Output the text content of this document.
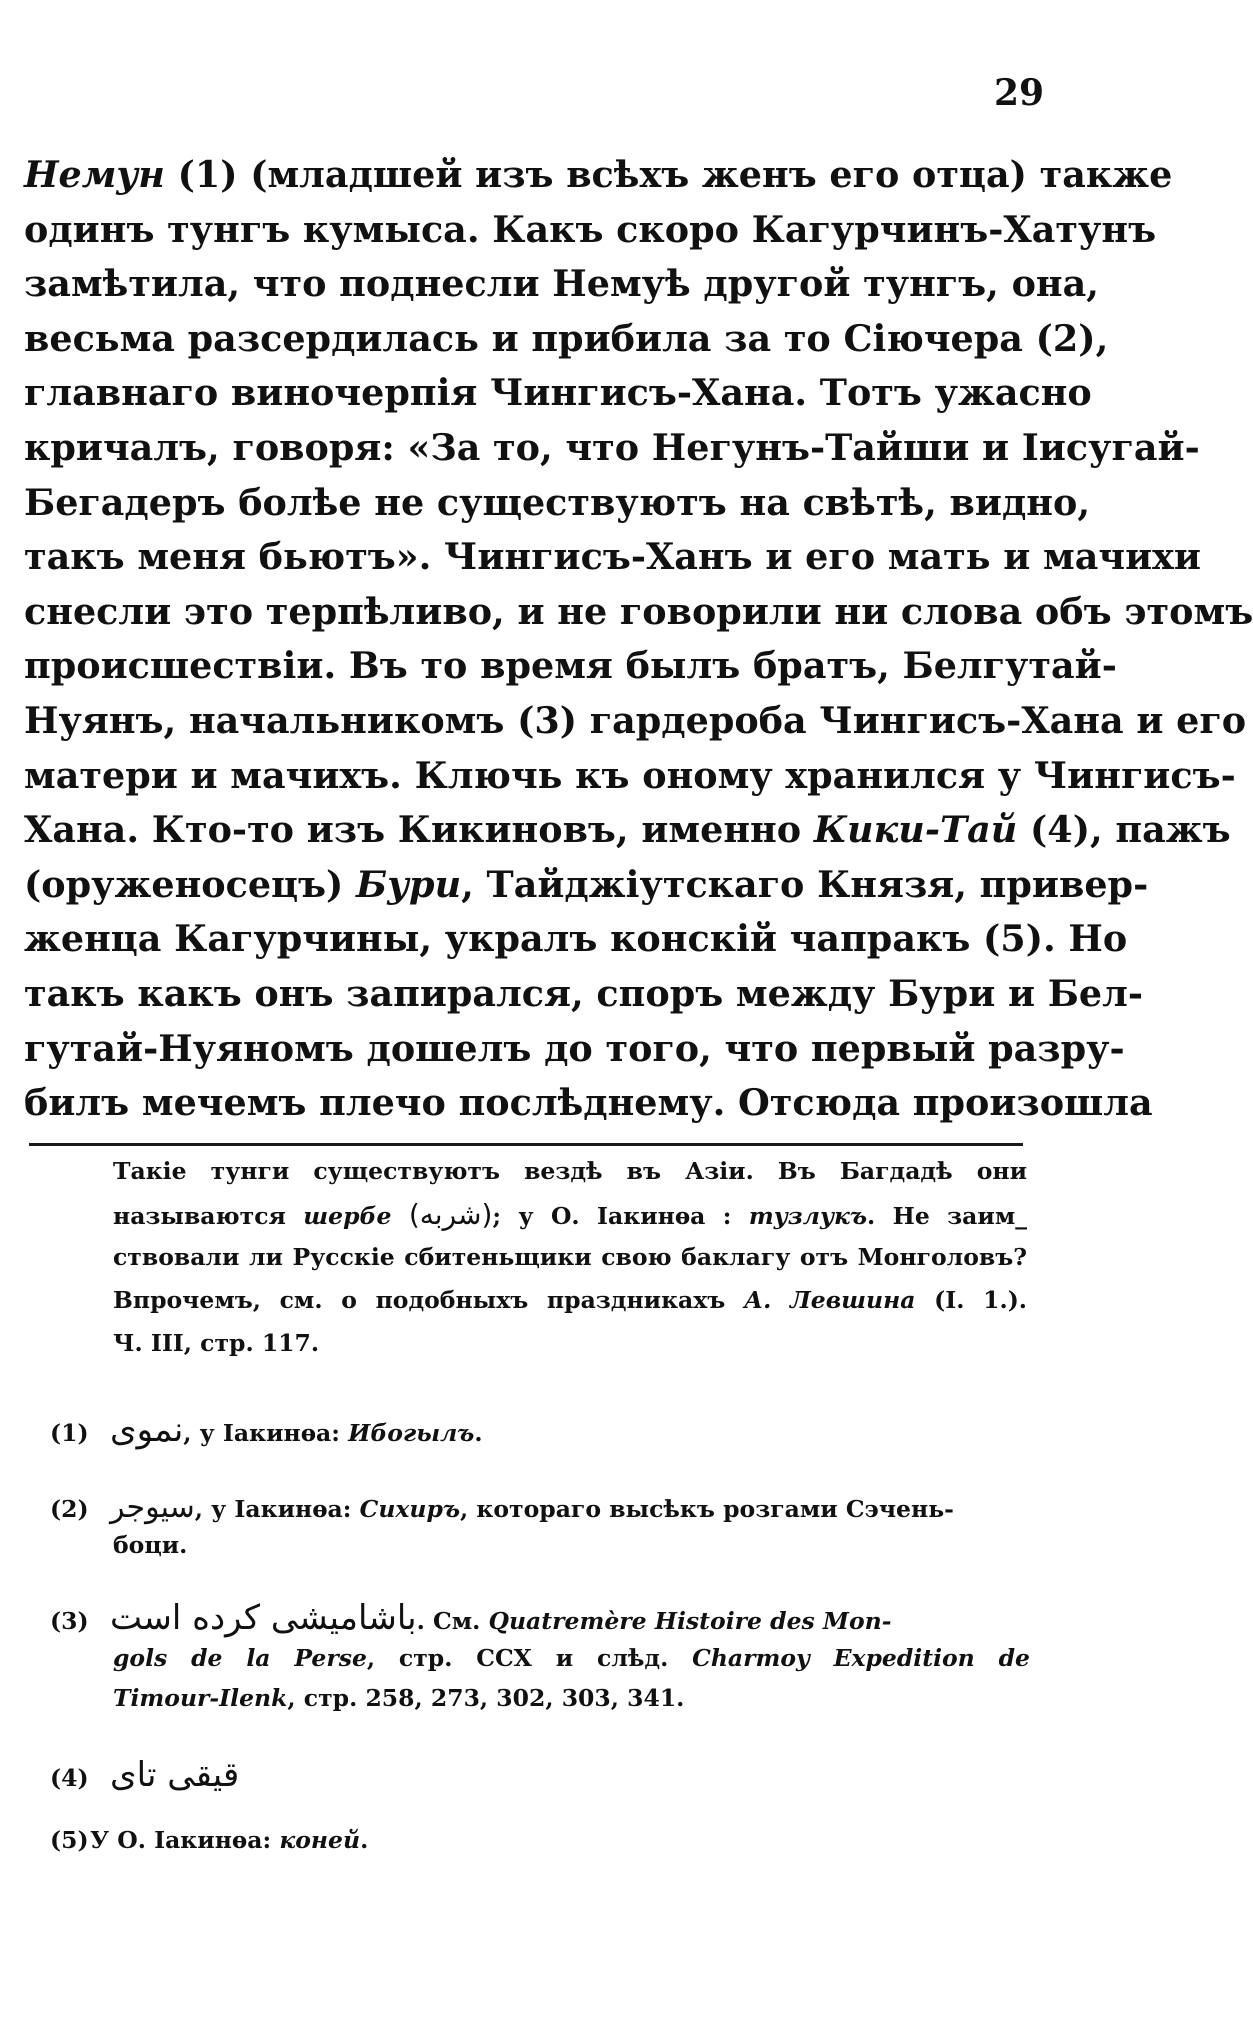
29
Немун (1) (младшей изъ всѣхъ женъ его отца) также
одинъ тунгъ кумыса. Какъ скоро Кагурчинъ-Хатунъ
замѣтила, что поднесли Немуѣ другой тунгъ, она,
весьма разсердилась и прибила за то Сіючера (2),
главнаго виночерпія Чингисъ-Хана. Тотъ ужасно
кричалъ, говоря: «За то, что Негунъ-Тайши и Іисугай-
Бегадеръ болѣе не существуютъ на свѣтѣ, видно,
такъ меня бьютъ». Чингисъ-Ханъ и его мать и мачихи
снесли это терпѣливо, и не говорили ни слова объ этомъ
происшествіи. Въ то время былъ братъ, Белгутай-
Нуянъ, начальникомъ (3) гардероба Чингисъ-Хана и его
матери и мачихъ. Ключь къ оному хранился у Чингисъ-
Хана. Кто-то изъ Кикиновъ, именно Кики-Тай (4), пажъ
(оруженосецъ) Бури, Тайджіутскаго Князя, привер-
женца Кагурчины, укралъ конскій чапракъ (5). Но
такъ какъ онъ запирался, споръ между Бури и Бел-
гутай-Нуяномъ дошелъ до того, что первый разру-
билъ мечемъ плечо послѣднему. Отсюда произошла
Такіе тунги существуютъ вездѣ въ Азіи. Въ Багдадѣ они
называются шербе (شربه); у О. Іакинѳа : тузлукъ. Не заим_
ствовали ли Русскіе сбитеньщики свою баклагу отъ Монголовъ?
Впрочемъ, см. о подобныхъ праздникахъ А. Левшина (I. 1.).
Ч. III, стр. 117.
(1) نموی, у Іакинѳа: Ибогылъ.
(2) سیوجر, у Іакинѳа: Сихиръ, котораго высѣкъ розгами Сэчень-
боци.
(3) باشامیشی کرده است. См. Quatremère Histoire des Mon-
gols de la Perse, стр. CCX и слѣд. Charmoy Expedition de
Timour-Ilenk, стр. 258, 273, 302, 303, 341.
(4) قیقی تای
(5)У О. Іакинѳа: коней.
